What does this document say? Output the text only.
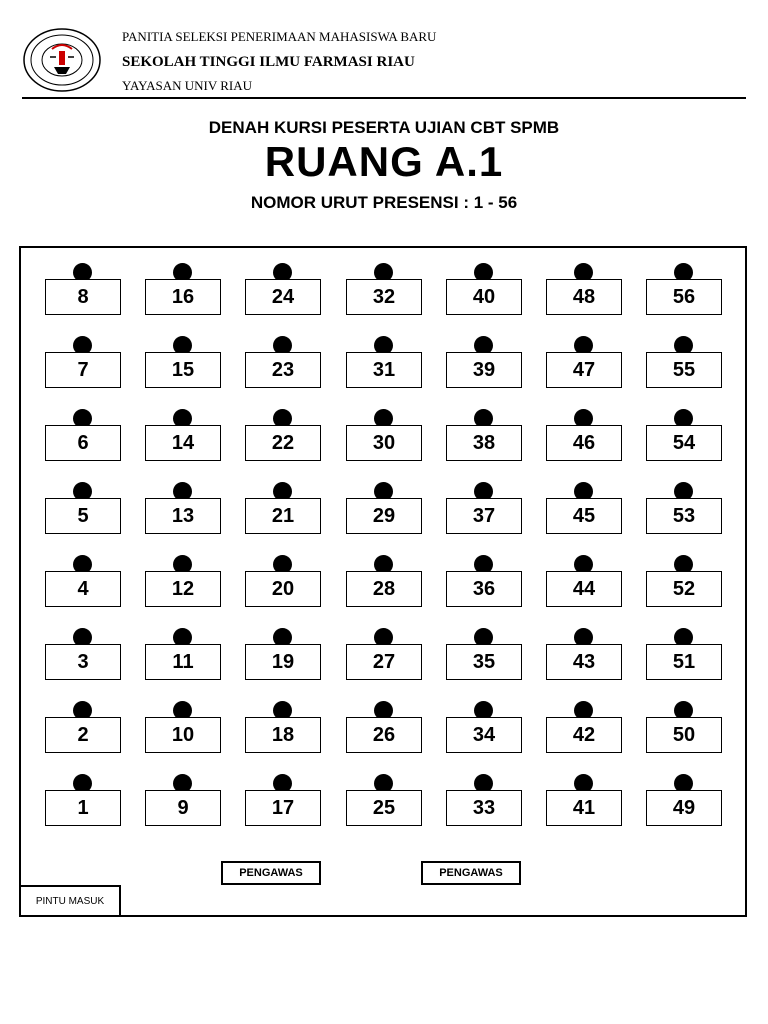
PANITIA SELEKSI PENERIMAAN MAHASISWA BARU
SEKOLAH TINGGI ILMU FARMASI RIAU
YAYASAN UNIV RIAU
DENAH KURSI PESERTA UJIAN CBT SPMB
RUANG A.1
NOMOR URUT PRESENSI : 1 - 56
PENGAWAS	PENGAWAS
PINTU MASUK
8	16	24	32	40	48	56
7	15	23	31	39	47	55
6	14	22	30	38	46	54
5	13	21	29	37	45	53
4	12	20	28	36	44	52
3	11	19	27	35	43	51
2	10	18	26	34	42	50
1	9	17	25	33	41	49
